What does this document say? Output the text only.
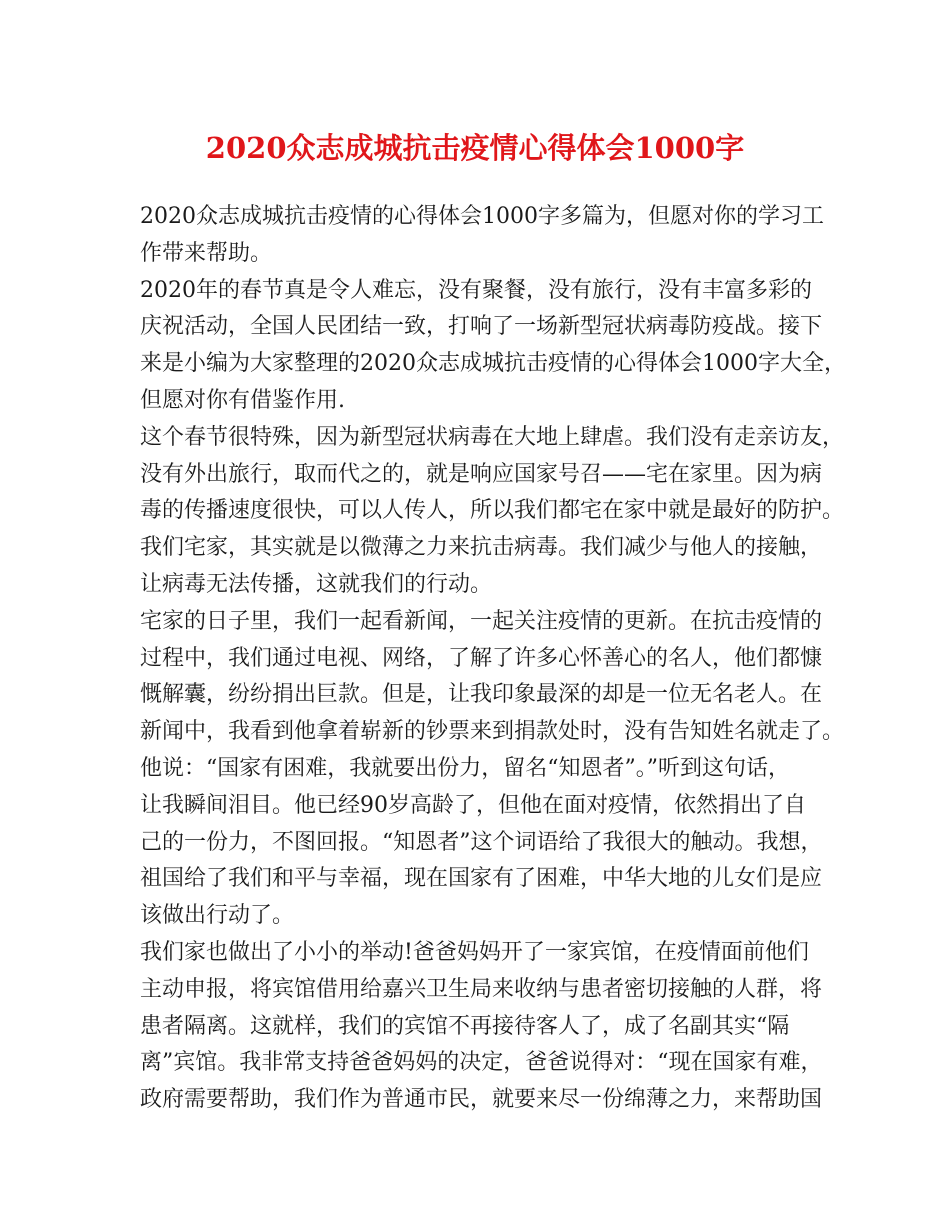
2020众志成城抗击疫情心得体会1000字
2020众志成城抗击疫情的心得体会1000字多篇为，但愿对你的学习工
作带来帮助。
2020年的春节真是令人难忘，没有聚餐，没有旅行，没有丰富多彩的
庆祝活动，全国人民团结一致，打响了一场新型冠状病毒防疫战。接下
来是小编为大家整理的2020众志成城抗击疫情的心得体会1000字大全，
但愿对你有借鉴作用.
这个春节很特殊，因为新型冠状病毒在大地上肆虐。我们没有走亲访友，
没有外出旅行，取而代之的，就是响应国家号召——宅在家里。因为病
毒的传播速度很快，可以人传人，所以我们都宅在家中就是最好的防护。
我们宅家，其实就是以微薄之力来抗击病毒。我们减少与他人的接触，
让病毒无法传播，这就我们的行动。
宅家的日子里，我们一起看新闻，一起关注疫情的更新。在抗击疫情的
过程中，我们通过电视、网络，了解了许多心怀善心的名人，他们都慷
慨解囊，纷纷捐出巨款。但是，让我印象最深的却是一位无名老人。在
新闻中，我看到他拿着崭新的钞票来到捐款处时，没有告知姓名就走了。
他说：“国家有困难，我就要出份力，留名“知恩者”。”听到这句话，
让我瞬间泪目。他已经90岁高龄了，但他在面对疫情，依然捐出了自
己的一份力，不图回报。“知恩者”这个词语给了我很大的触动。我想，
祖国给了我们和平与幸福，现在国家有了困难，中华大地的儿女们是应
该做出行动了。
我们家也做出了小小的举动!爸爸妈妈开了一家宾馆，在疫情面前他们
主动申报，将宾馆借用给嘉兴卫生局来收纳与患者密切接触的人群，将
患者隔离。这就样，我们的宾馆不再接待客人了，成了名副其实“隔
离”宾馆。我非常支持爸爸妈妈的决定，爸爸说得对：“现在国家有难，
政府需要帮助，我们作为普通市民，就要来尽一份绵薄之力，来帮助国
